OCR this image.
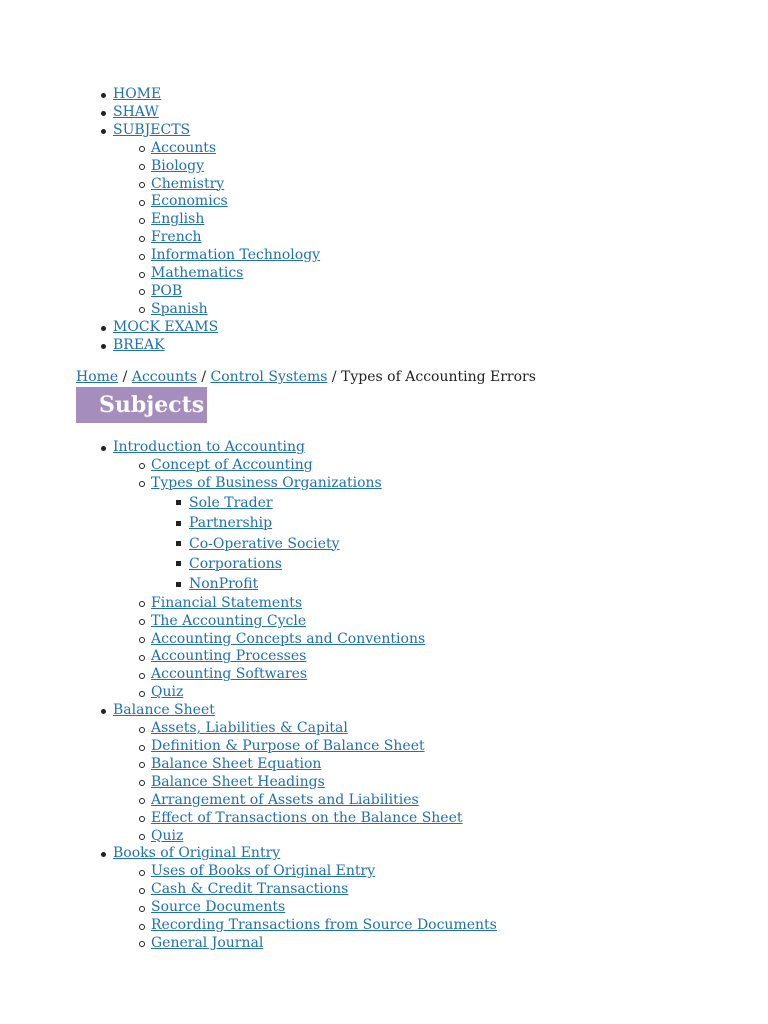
HOME
SHAW
SUBJECTS
Accounts
Biology
Chemistry
Economics
English
French
Information Technology
Mathematics
POB
Spanish
MOCK EXAMS
BREAK
Home / Accounts / Control Systems / Types of Accounting Errors
Subjects
Introduction to Accounting
Concept of Accounting
Types of Business Organizations
Sole Trader
Partnership
Co-Operative Society
Corporations
NonProfit
Financial Statements
The Accounting Cycle
Accounting Concepts and Conventions
Accounting Processes
Accounting Softwares
Quiz
Balance Sheet
Assets, Liabilities & Capital
Definition & Purpose of Balance Sheet
Balance Sheet Equation
Balance Sheet Headings
Arrangement of Assets and Liabilities
Effect of Transactions on the Balance Sheet
Quiz
Books of Original Entry
Uses of Books of Original Entry
Cash & Credit Transactions
Source Documents
Recording Transactions from Source Documents
General Journal
